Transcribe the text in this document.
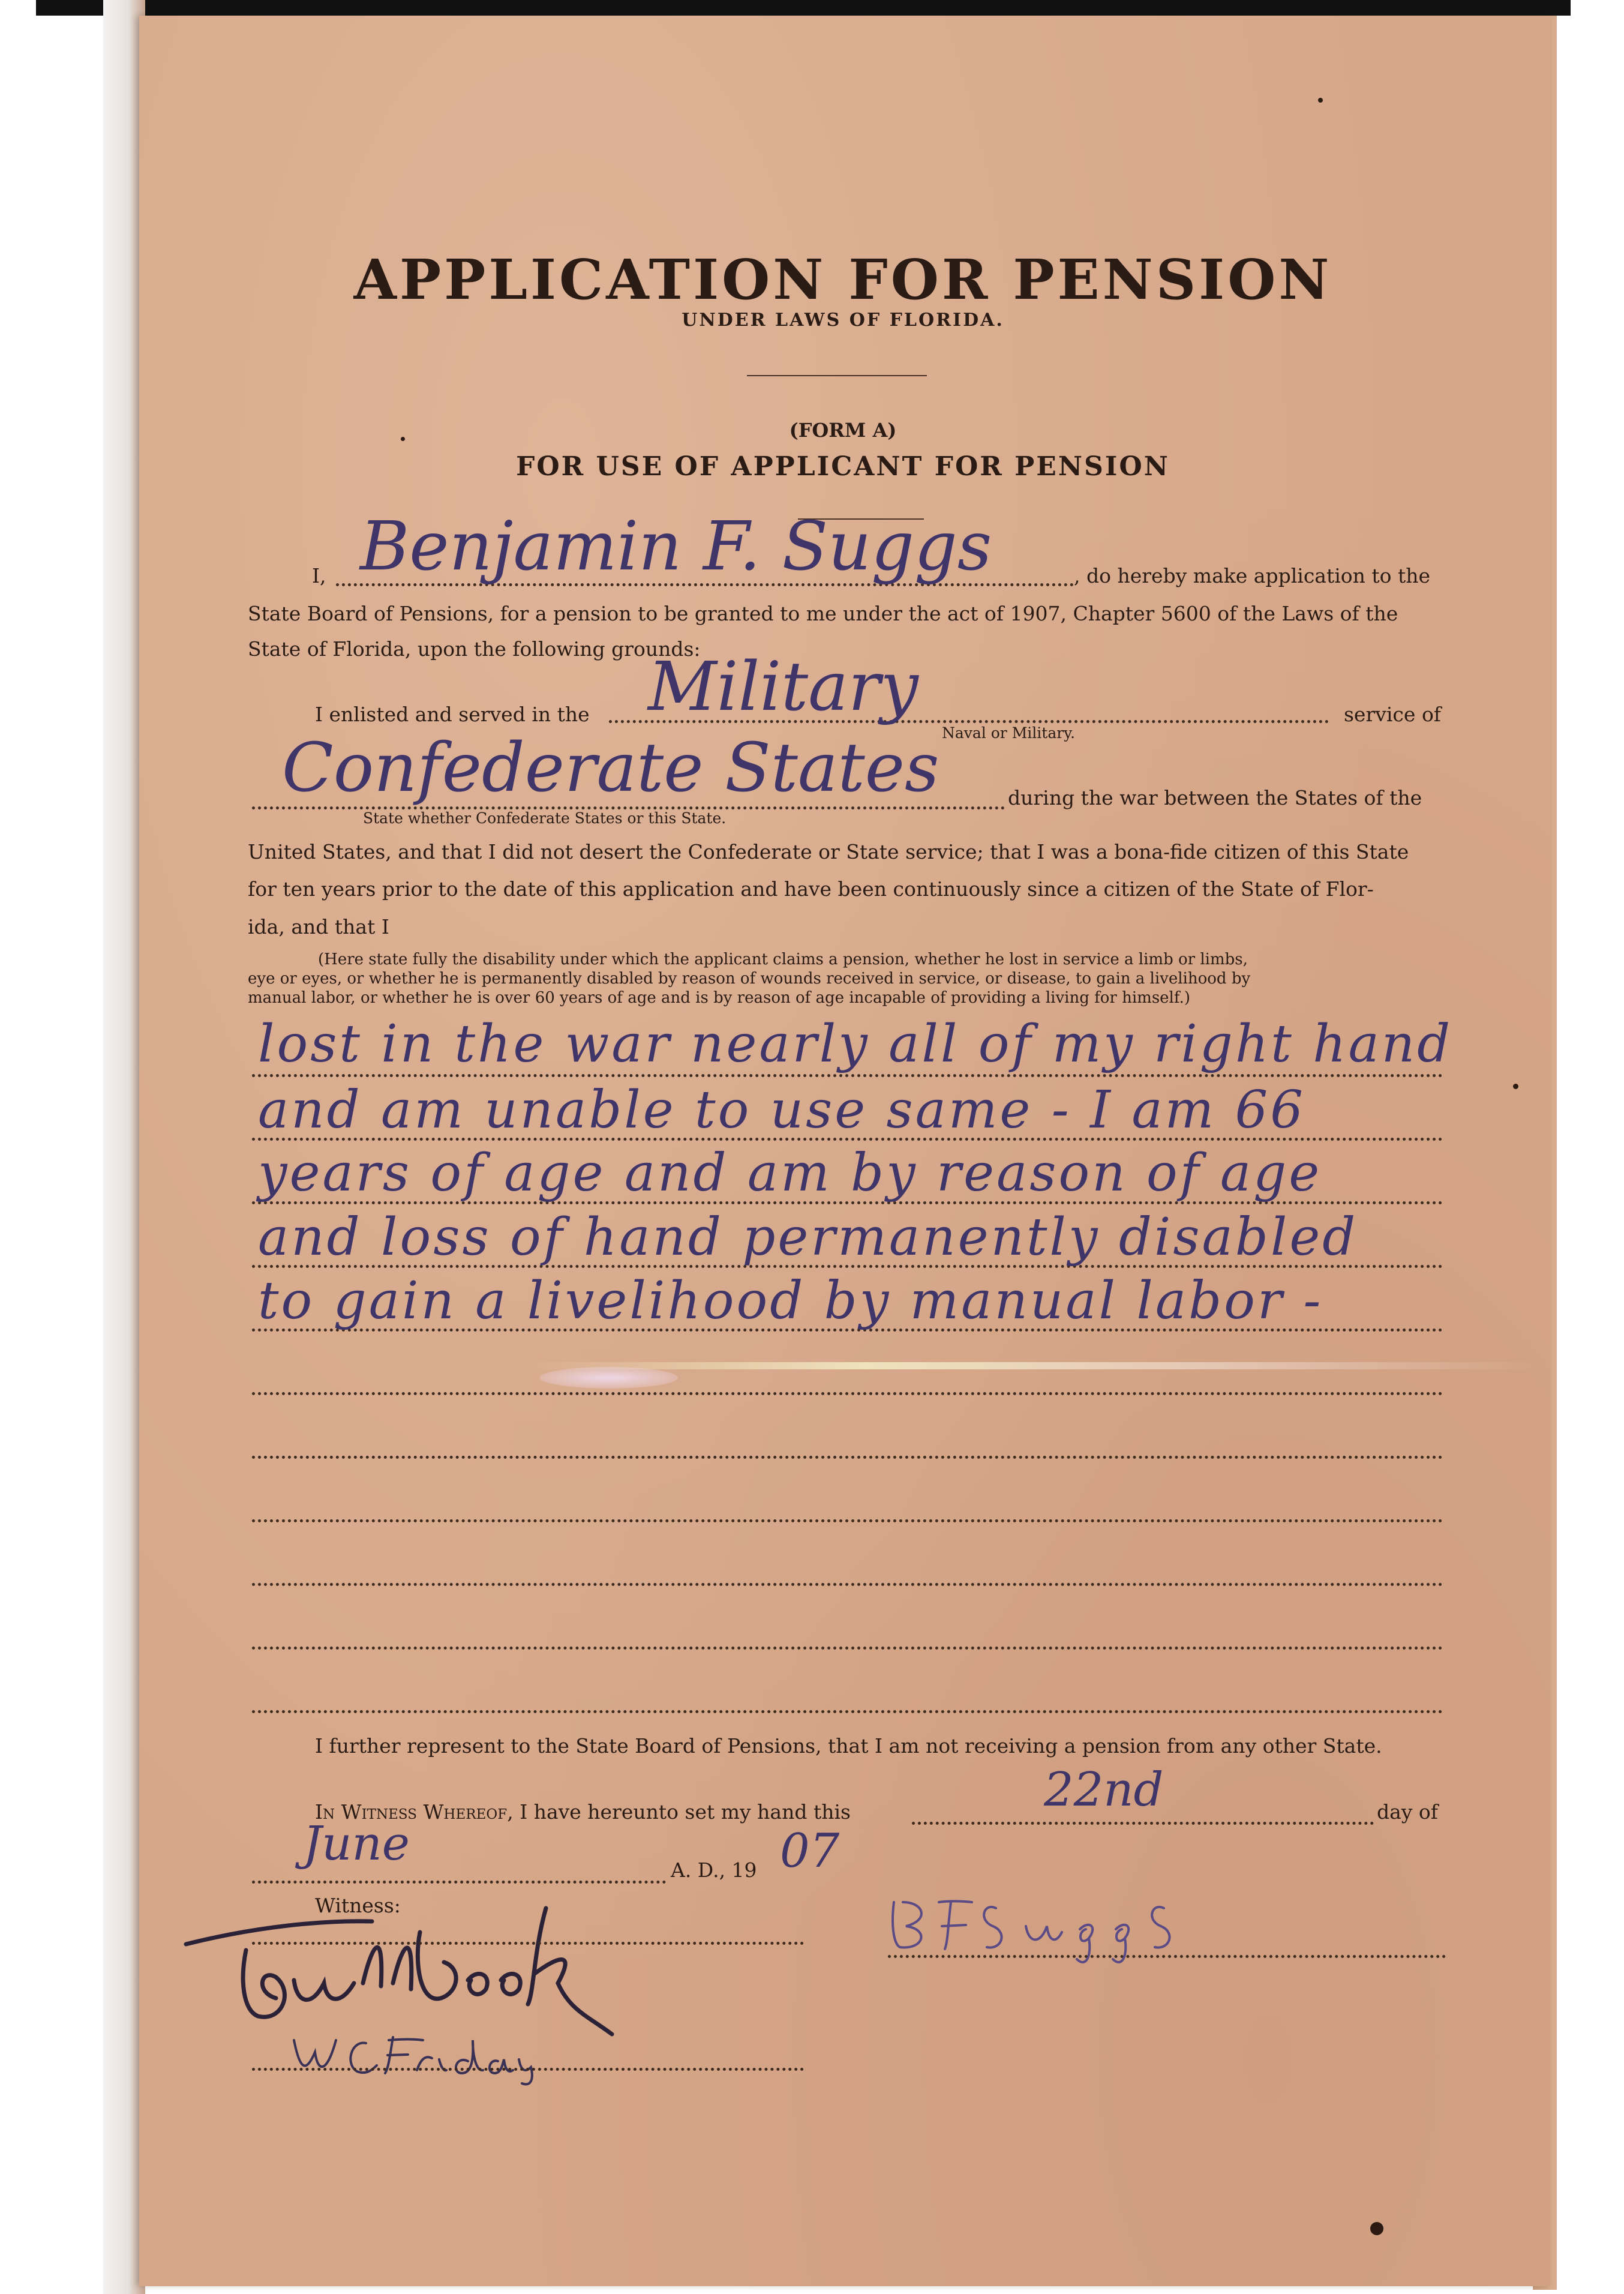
APPLICATION FOR PENSION
UNDER LAWS OF FLORIDA.
(FORM A)
FOR USE OF APPLICANT FOR PENSION
I, Benjamin F. Suggs	, do hereby make application to the
State Board of Pensions, for a pension to be granted to me under the act of 1907, Chapter 5600 of the Laws of the
State of Florida, upon the following grounds:
I enlisted and served in the Military	service of
Naval or Military.
Confederate States	during the war between the States of the
State whether Confederate States or this State.
United States, and that I did not desert the Confederate or State service; that I was a bona-fide citizen of this State
for ten years prior to the date of this application and have been continuously since a citizen of the State of Flor-
ida, and that I
(Here state fully the disability under which the applicant claims a pension, whether he lost in service a limb or limbs,
eye or eyes, or whether he is permanently disabled by reason of wounds received in service, or disease, to gain a livelihood by
manual labor, or whether he is over 60 years of age and is by reason of age incapable of providing a living for himself.)
lost in the war nearly all of my right hand
and am unable to use same - I am 66
years of age and am by reason of age
and loss of hand permanently disabled
to gain a livelihood by manual labor -
I further represent to the State Board of Pensions, that I am not receiving a pension from any other State.
In Witness Whereof, I have hereunto set my hand this	22nd	day of
June	A. D., 19 07
Witness:
